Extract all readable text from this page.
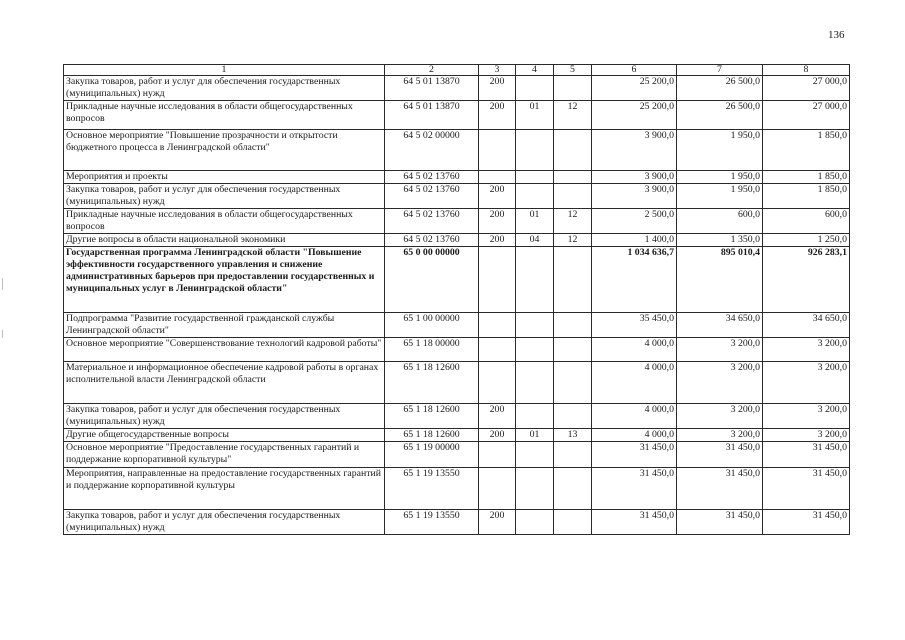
136
1	2	3	4	5	6	7	8
Закупка товаров, работ и услуг для обеспечения государственных (муниципальных) нужд	64 5 01 13870	200			25 200,0	26 500,0	27 000,0
Прикладные научные исследования в области общегосударственных вопросов	64 5 01 13870	200	01	12	25 200,0	26 500,0	27 000,0
Основное мероприятие "Повышение прозрачности и открытости бюджетного процесса в Ленинградской области"	64 5 02 00000				3 900,0	1 950,0	1 850,0
Мероприятия и проекты	64 5 02 13760				3 900,0	1 950,0	1 850,0
Закупка товаров, работ и услуг для обеспечения государственных (муниципальных) нужд	64 5 02 13760	200			3 900,0	1 950,0	1 850,0
Прикладные научные исследования в области общегосударственных вопросов	64 5 02 13760	200	01	12	2 500,0	600,0	600,0
Другие вопросы в области национальной экономики	64 5 02 13760	200	04	12	1 400,0	1 350,0	1 250,0
Государственная программа Ленинградской области "Повышение эффективности государственного управления и снижение административных барьеров при предоставлении государственных и муниципальных услуг в Ленинградской области"	65 0 00 00000				1 034 636,7	895 010,4	926 283,1
Подпрограмма "Развитие государственной гражданской службы Ленинградской области"	65 1 00 00000				35 450,0	34 650,0	34 650,0
Основное мероприятие "Совершенствование технологий кадровой работы"	65 1 18 00000				4 000,0	3 200,0	3 200,0
Материальное и информационное обеспечение кадровой работы в органах исполнительной власти Ленинградской области	65 1 18 12600				4 000,0	3 200,0	3 200,0
Закупка товаров, работ и услуг для обеспечения государственных (муниципальных) нужд	65 1 18 12600	200			4 000,0	3 200,0	3 200,0
Другие общегосударственные вопросы	65 1 18 12600	200	01	13	4 000,0	3 200,0	3 200,0
Основное мероприятие "Предоставление государственных гарантий и поддержание корпоративной культуры"	65 1 19 00000				31 450,0	31 450,0	31 450,0
Мероприятия, направленные на предоставление государственных гарантий и поддержание корпоративной культуры	65 1 19 13550				31 450,0	31 450,0	31 450,0
Закупка товаров, работ и услуг для обеспечения государственных (муниципальных) нужд	65 1 19 13550	200			31 450,0	31 450,0	31 450,0
